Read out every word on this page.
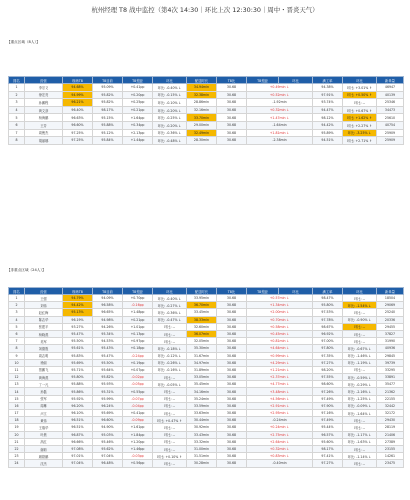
杭州经理 T8 战中监控（第4次 14:30｜环比上次 12:30:30｜周中・晋炎天气）
【重点区域（8人）】
排名	经营	现场T8	T8目前	T8差距	环比	配送时长	T8比	T8差距	环比	满工率	环比	新单量
1	李宗义	94.68%	95.09%	+0.41pp	环比: -0.40% ↓	34.94min	30.68	+0.49min ↓		94.38%	环比: +3.01% ↑	46947
2	徐宏亮	94.99%	95.82%	+0.20pp	环比: -0.15% ↓	32.38min	30.68	+0.52min ↓		97.91%	环比: +0.50% ↑	40139
3	孙鹏程	96.21%	95.82%	+0.25pp	环比: -0.10% ↓	28.86min	30.68	-1.92min		93.74%	环比: --	25346
4	黄文剑	96.40%	98.17%	+0.21pp	环比: -0.20% ↓	32.16min	30.68	+0.32min ↓		94.47%	环比: +0.67% ↑	34473
5	杨海鹏	96.63%	95.15%	+1.64pp	环比: -0.25% ↓	33.70min	30.68	+1.47min ↓		98.12%	环比: +1.62% ↑	25610
6	王芳	96.60%	95.88%	+0.34pp	环比: -0.20% ↓	29.00min	30.68	-1.64min		94.42%	环比: +2.27% ↑	40754
7	周俊杰	97.25%	95.12%	+2.13pp	环比: -0.36% ↓	32.49min	30.68	+1.81min ↓		95.89%	环比: -3.25% ↓	25909
8	胡丽娜	97.25%	95.84%	+1.44pp	环比: -0.48% ↓	28.30min	30.68	-2.38min		94.51%	环比: +2.71% ↑	25909
【非重点区域（24人）】
排名	经营	现场T8	T8目前	T8差距	环比	配送时长	T8比	T8差距	环比	满工率	环比	新单量
1	王强	94.79%	94.09%	+0.70pp	环比: -0.40% ↓	33.95min	30.68	+0.57min ↓		98.47%	环比: --	18504
2	刘伟	94.42%	96.58%	-0.16pp	环比: -0.27% ↓	36.70min	30.68	+1.34min ↓		95.80%	环比: -1.54% ↓	29069
3	赵红梅	95.13%	96.65%	+1.48pp	环比: -0.36% ↓	33.45min	30.68	+2.00min ↓		97.53%	环比: --	25240
4	陈志华	96.19%	94.98%	+0.21pp	环比: -0.47% ↓	38.33min	30.68	+0.70min ↓		97.78%	环比: -0.90% ↓	20336
5	张建平	93.27%	94.26%	+1.01pp	环比: --	32.60min	30.68	+0.58min ↓		98.67%	环比: --	29455
6	杨晓燕	95.47%	95.34%	+0.13pp	环比: --	36.07min	30.68	+0.45min ↓		96.92%	环比: --	37827
7	吴军	95.50%	94.53%	+0.97pp	环比: --	32.05min	30.68	+0.81min ↓		97.00%	环比: --	31990
8	刘德胜	95.61%	95.43%	+0.18pp	环比: -0.18% ↓	35.30min	30.68	+4.64min ↓		97.80%	环比: -0.67% ↓	40936
9	周志明	95.83%	95.47%	-0.24pp	环比: -0.12% ↓	31.67min	30.68	+0.99min ↓		97.35%	环比: -1.46% ↓	29845
10	徐丽	95.69%	95.50%	+0.19pp	环比: -0.26% ↓	34.97min	30.68	+4.29min ↓		97.27%	环比: -1.19% ↓	39739
11	蔡鹏飞	95.71%	95.64%	+0.07pp	环比: -0.16% ↓	31.89min	30.68	+1.21min ↓		98.20%	环比: --	33295
12	黄海燕	95.80%	95.82%	-0.02pp	环比: --	33.05min	30.68	+2.37min ↓		97.55%	环比: -0.59% ↓	33891
13	丁一凡	95.88%	95.93%	-0.05pp	环比: -0.05% ↓	35.45min	30.68	+4.77min ↓		98.60%	环比: -0.29% ↓	35477
14	孙磊	95.86%	95.31%	+0.55pp	环比: --	34.16min	30.68	+3.48min ↓		97.26%	环比: -2.16% ↓	21362
15	张军	95.92%	95.99%	-0.07pp	环比: --	35.24min	30.68	+4.56min ↓		97.49%	环比: -1.25% ↓	22155
16	周琳	96.20%	96.24%	-0.04pp	环比: --	33.59min	30.68	+2.91min ↓		97.90%	环比: -0.09% ↓	32442
17	卢江	96.10%	95.69%	+0.41pp	环比: --	33.63min	30.68	+2.95min ↓		97.16%	环比: -1.64% ↓	32172
18	黄伟	96.51%	96.60%	-0.09pp	环比: +0.47% ↑	30.44min	30.68	-0.24min		97.49%	环比: --	29430
19	王瑞华	96.51%	94.90%	+1.61pp	环比: --	30.92min	30.68	+0.24min ↓		95.44%	环比: --	28119
20	叶晨	96.87%	95.03%	+1.84pp	环比: --	33.43min	30.68	+2.75min ↓		96.57%	环比: -1.17% ↓	21406
21	高红	96.66%	95.46%	+1.20pp	环比: --	33.32min	30.68	+2.64min ↓		95.60%	环比: -1.63% ↓	27389
22	谢莉	97.08%	95.62%	+1.46pp	环比: --	31.00min	30.68	+0.32min ↓		98.17%	环比: --	23155
23	顾勋鹏	97.01%	97.04%	-0.03pp	环比: +0.10% ↑	31.51min	30.68	+0.83min ↓		97.41%	环比: -1.14% ↓	14261
24	沈杰	97.04%	96.48%	+0.56pp	环比: --	30.28min	30.68	-0.40min		97.27%	环比: --	23475
